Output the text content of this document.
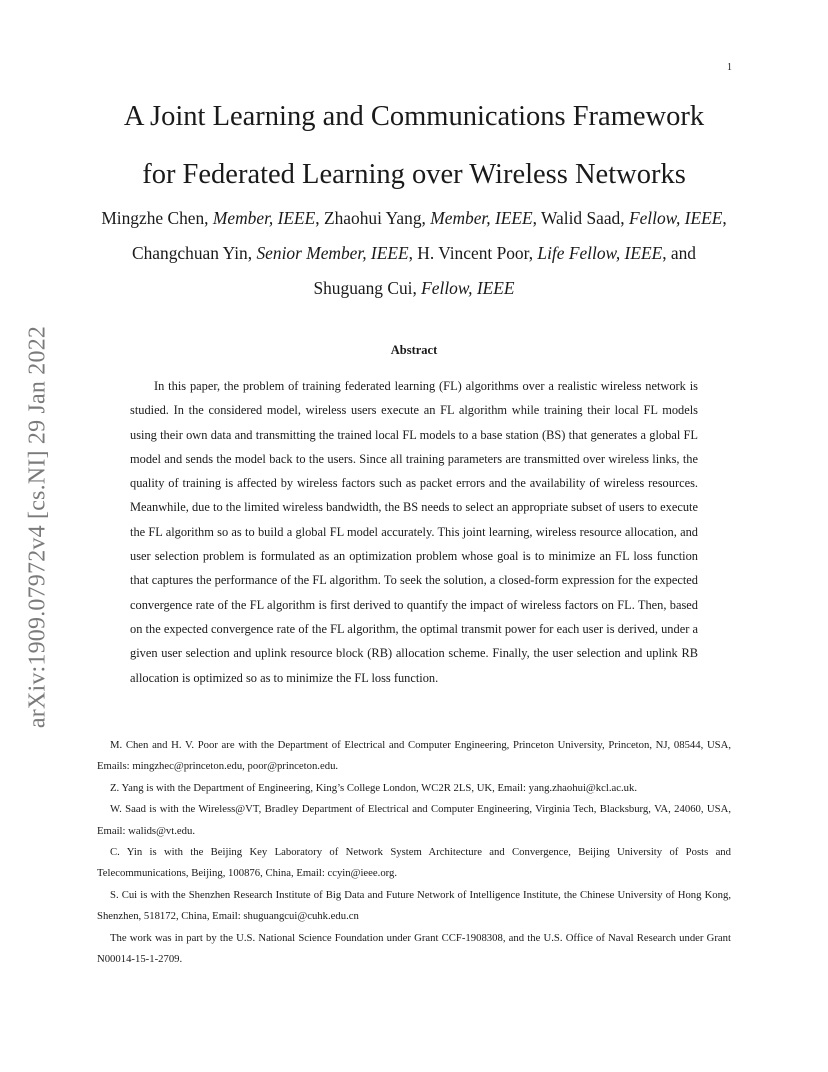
1
arXiv:1909.07972v4 [cs.NI] 29 Jan 2022
A Joint Learning and Communications Framework
for Federated Learning over Wireless Networks
Mingzhe Chen, Member, IEEE, Zhaohui Yang, Member, IEEE, Walid Saad, Fellow, IEEE, Changchuan Yin, Senior Member, IEEE, H. Vincent Poor, Life Fellow, IEEE, and Shuguang Cui, Fellow, IEEE
Abstract

In this paper, the problem of training federated learning (FL) algorithms over a realistic wireless network is studied. In the considered model, wireless users execute an FL algorithm while training their local FL models using their own data and transmitting the trained local FL models to a base station (BS) that generates a global FL model and sends the model back to the users. Since all training parameters are transmitted over wireless links, the quality of training is affected by wireless factors such as packet errors and the availability of wireless resources. Meanwhile, due to the limited wireless bandwidth, the BS needs to select an appropriate subset of users to execute the FL algorithm so as to build a global FL model accurately. This joint learning, wireless resource allocation, and user selection problem is formulated as an optimization problem whose goal is to minimize an FL loss function that captures the performance of the FL algorithm. To seek the solution, a closed-form expression for the expected convergence rate of the FL algorithm is first derived to quantify the impact of wireless factors on FL. Then, based on the expected convergence rate of the FL algorithm, the optimal transmit power for each user is derived, under a given user selection and uplink resource block (RB) allocation scheme. Finally, the user selection and uplink RB allocation is optimized so as to minimize the FL loss function.

M. Chen and H. V. Poor are with the Department of Electrical and Computer Engineering, Princeton University, Princeton, NJ, 08544, USA, Emails: mingzhec@princeton.edu, poor@princeton.edu.

Z. Yang is with the Department of Engineering, King’s College London, WC2R 2LS, UK, Email: yang.zhaohui@kcl.ac.uk.

W. Saad is with the Wireless@VT, Bradley Department of Electrical and Computer Engineering, Virginia Tech, Blacksburg, VA, 24060, USA, Email: walids@vt.edu.

C. Yin is with the Beijing Key Laboratory of Network System Architecture and Convergence, Beijing University of Posts and Telecommunications, Beijing, 100876, China, Email: ccyin@ieee.org.

S. Cui is with the Shenzhen Research Institute of Big Data and Future Network of Intelligence Institute, the Chinese University of Hong Kong, Shenzhen, 518172, China, Email: shuguangcui@cuhk.edu.cn

The work was in part by the U.S. National Science Foundation under Grant CCF-1908308, and the U.S. Office of Naval Research under Grant N00014-15-1-2709.
